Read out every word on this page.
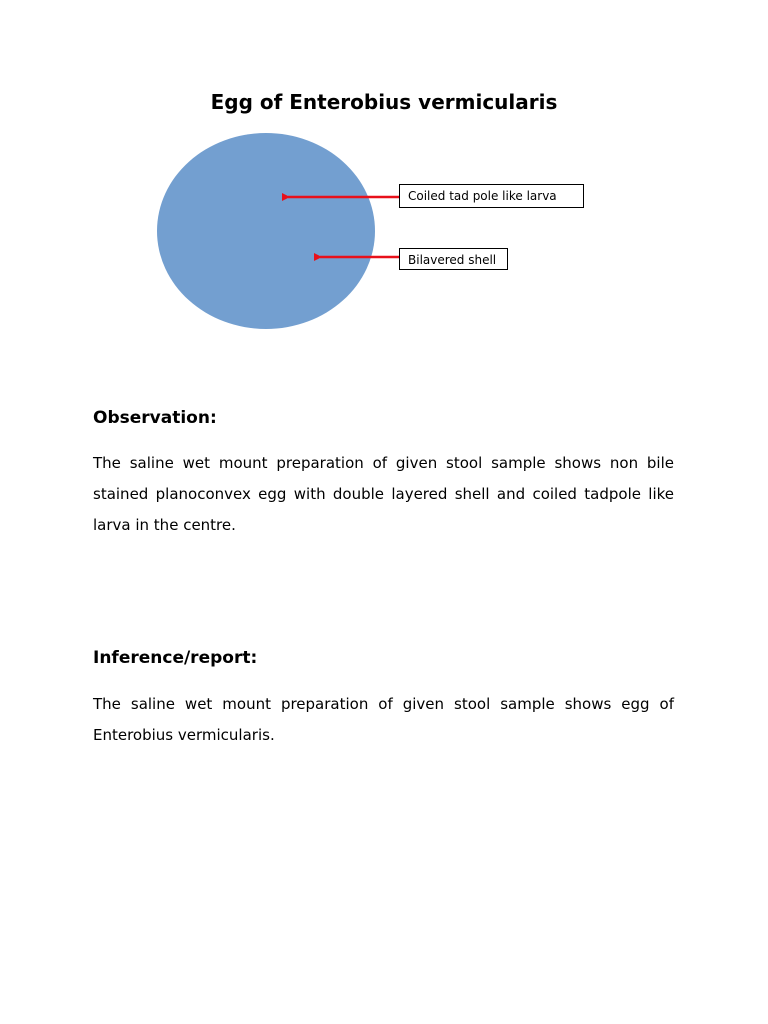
Egg of Enterobius vermicularis
Coiled tad pole like larva
Bilavered shell
Observation:

The saline wet mount preparation of given stool sample shows non bile stained planoconvex egg with double layered shell and coiled tadpole like larva in the centre.

Inference/report:

The saline wet mount preparation of given stool sample shows egg of Enterobius vermicularis.
